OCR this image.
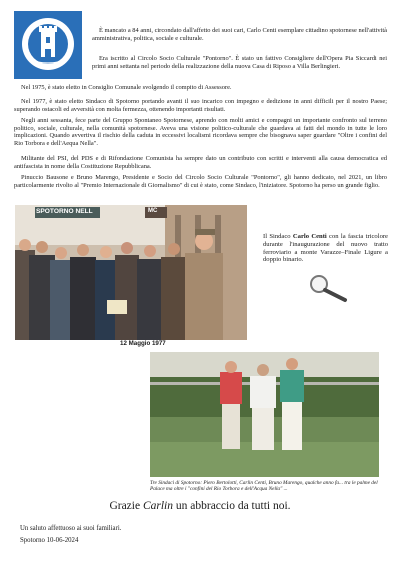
È mancato a 84 anni, circondato dall'affetto dei suoi cari, Carlo Centi esemplare cittadino spotornese nell'attività amministrativa, politica, sociale e culturale.

Era iscritto al Circolo Socio Culturale "Pontorno". È stato un fattivo Consigliere dell'Opera Pia Siccardi nei primi anni settanta nel periodo della realizzazione della nuova Casa di Riposo a Villa Berlingieri.

Nel 1975, è stato eletto in Consiglio Comunale svolgendo il compito di Assessore.

Nel 1977, è stato eletto Sindaco di Spotorno portando avanti il suo incarico con impegno e dedizione in anni difficili per il nostro Paese; superando ostacoli ed avversità con molta fermezza, ottenendo importanti risultati.

Negli anni sessanta, fece parte del Gruppo Spontaneo Spotornese, aprendo con molti amici e compagni un importante confronto sul terreno politico, sociale, culturale, nella comunità spotornese. Aveva una visione politico-culturale che guardava ai fatti del mondo in tutte le loro implicazioni. Quando avvertiva il rischio della caduta in eccessivi localismi ricordava sempre che bisognava saper guardare "Oltre i confini del Rio Torbora e dell'Aequa Nella".

Militante del PSI, del PDS e di Rifondazione Comunista ha sempre dato un contributo con scritti e interventi alla causa democratica ed antifascista in nome della Costituzione Repubblicana.

Pinuccio Bausone e Bruno Marengo, Presidente e Socio del Circolo Socio Culturale "Pontorno", gli hanno dedicato, nel 2021, un libro particolarmente rivolto al "Premio Internazionale di Giornalismo" di cui è stato, come Sindaco, l'iniziatore. Spotorno ha perso un grande figlio.

SPOTORNO NELL	MC
12 Maggio 1977

Il Sindaco Carlo Centi con la fascia tricolore durante l'inaugurazione del nuovo tratto ferroviario a monte Varazze–Finale Ligure a doppio binario.

Tre Sindaci di Spotorno: Piero Bertolotti, Carlin Centi, Bruno Marengo, qualche anno fa... tra le palme del Palace ma oltre i "confini del Rio Torbora e dell'Acqua Nella" ...

Grazie Carlin un abbraccio da tutti noi.

Un saluto affettuoso ai suoi familiari.

Spotorno 10-06-2024
